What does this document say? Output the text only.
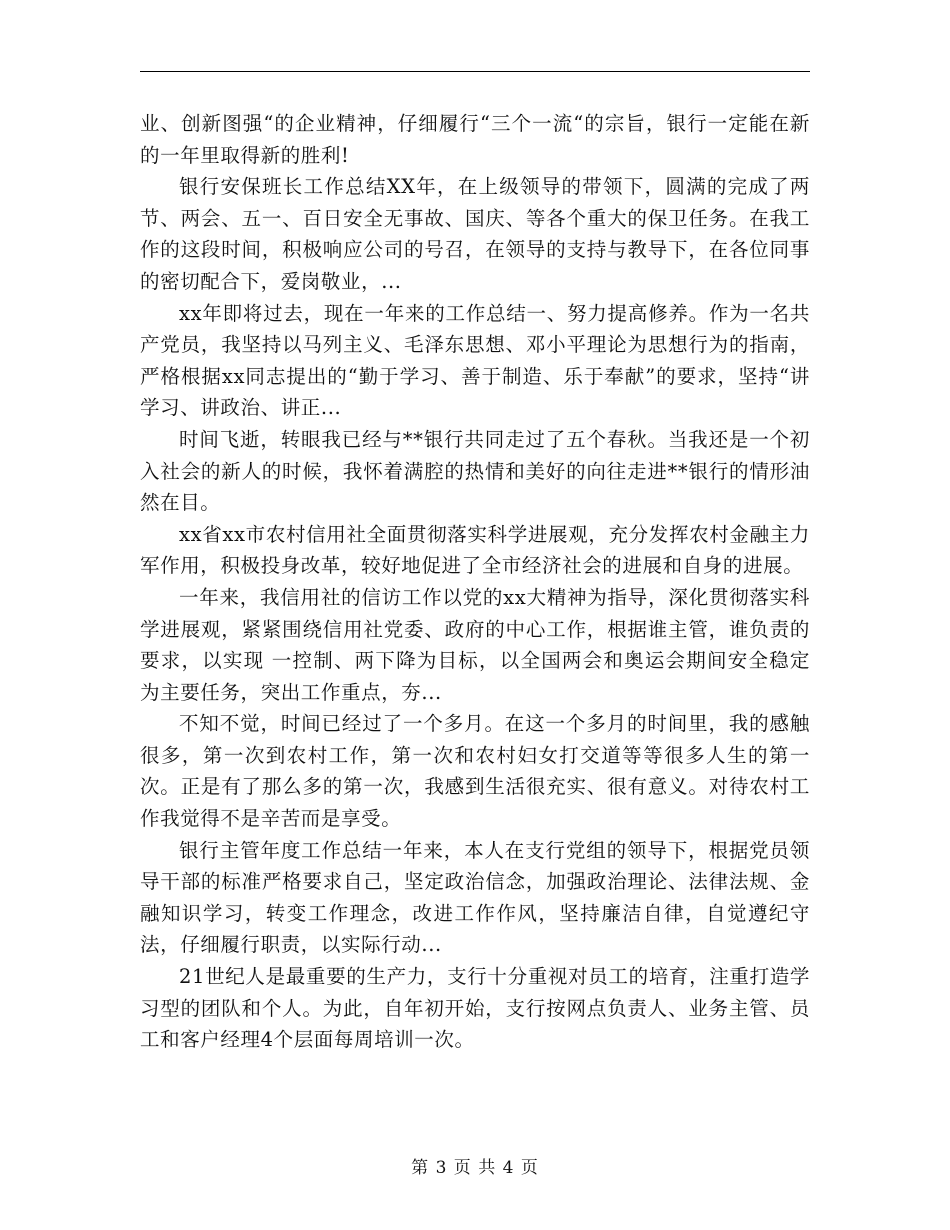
业、创新图强“的企业精神，仔细履行“三个一流“的宗旨，银行一定能在新的一年里取得新的胜利!

银行安保班长工作总结XX年，在上级领导的带领下，圆满的完成了两节、两会、五一、百日安全无事故、国庆、等各个重大的保卫任务。在我工作的这段时间，积极响应公司的号召，在领导的支持与教导下，在各位同事的密切配合下，爱岗敬业，...

xx年即将过去，现在一年来的工作总结一、努力提高修养。作为一名共产党员，我坚持以马列主义、毛泽东思想、邓小平理论为思想行为的指南，严格根据xx同志提出的“勤于学习、善于制造、乐于奉献”的要求，坚持“讲学习、讲政治、讲正...

时间飞逝，转眼我已经与**银行共同走过了五个春秋。当我还是一个初入社会的新人的时候，我怀着满腔的热情和美好的向往走进**银行的情形油然在目。

xx省xx市农村信用社全面贯彻落实科学进展观，充分发挥农村金融主力军作用，积极投身改革，较好地促进了全市经济社会的进展和自身的进展。

一年来，我信用社的信访工作以党的xx大精神为指导，深化贯彻落实科学进展观，紧紧围绕信用社党委、政府的中心工作，根据谁主管，谁负责的要求，以实现 一控制、两下降为目标，以全国两会和奥运会期间安全稳定为主要任务，突出工作重点，夯...

不知不觉，时间已经过了一个多月。在这一个多月的时间里，我的感触很多，第一次到农村工作，第一次和农村妇女打交道等等很多人生的第一次。正是有了那么多的第一次，我感到生活很充实、很有意义。对待农村工作我觉得不是辛苦而是享受。

银行主管年度工作总结一年来，本人在支行党组的领导下，根据党员领导干部的标准严格要求自己，坚定政治信念，加强政治理论、法律法规、金融知识学习，转变工作理念，改进工作作风，坚持廉洁自律，自觉遵纪守法，仔细履行职责，以实际行动...

21世纪人是最重要的生产力，支行十分重视对员工的培育，注重打造学习型的团队和个人。为此，自年初开始，支行按网点负责人、业务主管、员工和客户经理4个层面每周培训一次。

第 3 页 共 4 页
